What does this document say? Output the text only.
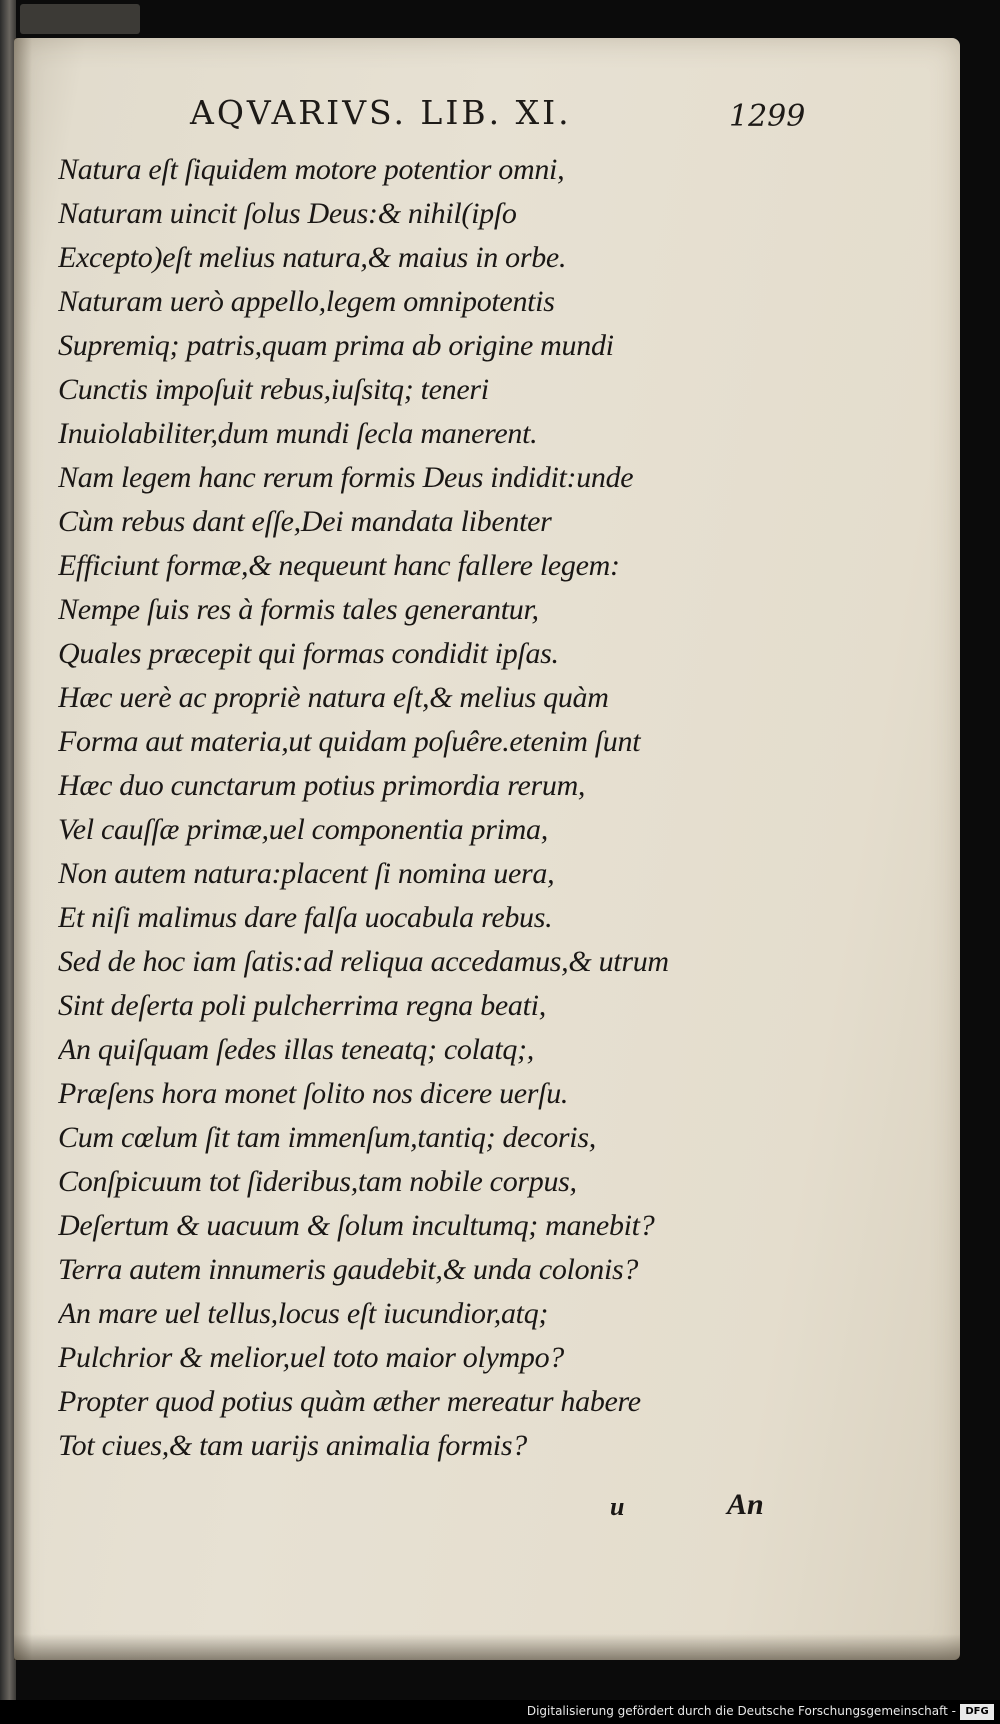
AQVARIVS. LIB. XI.	1299
Natura eſt ſiquidem motore potentior omni,
Naturam uincit ſolus Deus:& nihil(ipſo
Excepto)eſt melius natura,& maius in orbe.
Naturam uerò appello,legem omnipotentis
Supremiq; patris,quam prima ab origine mundi
Cunctis impoſuit rebus,iuſsitq; teneri
Inuiolabiliter,dum mundi ſecla manerent.
Nam legem hanc rerum formis Deus indidit:unde
Cùm rebus dant eſſe,Dei mandata libenter
Efficiunt formæ,& nequeunt hanc fallere legem:
Nempe ſuis res à formis tales generantur,
Quales præcepit qui formas condidit ipſas.
Hæc uerè ac propriè natura eſt,& melius quàm
Forma aut materia,ut quidam poſuêre.etenim ſunt
Hæc duo cunctarum potius primordia rerum,
Vel cauſſæ primæ,uel componentia prima,
Non autem natura:placent ſi nomina uera,
Et niſi malimus dare falſa uocabula rebus.
Sed de hoc iam ſatis:ad reliqua accedamus,& utrum
Sint deſerta poli pulcherrima regna beati,
An quiſquam ſedes illas teneatq; colatq;,
Præſens hora monet ſolito nos dicere uerſu.
Cum cœlum ſit tam immenſum,tantiq; decoris,
Conſpicuum tot ſideribus,tam nobile corpus,
Deſertum & uacuum & ſolum incultumq; manebit?
Terra autem innumeris gaudebit,& unda colonis?
An mare uel tellus,locus eſt iucundior,atq;
Pulchrior & melior,uel toto maior olympo?
Propter quod potius quàm æther mereatur habere
Tot ciues,& tam uarijs animalia formis?
u	An
Digitalisierung gefördert durch die Deutsche Forschungsgemeinschaft - DFG
